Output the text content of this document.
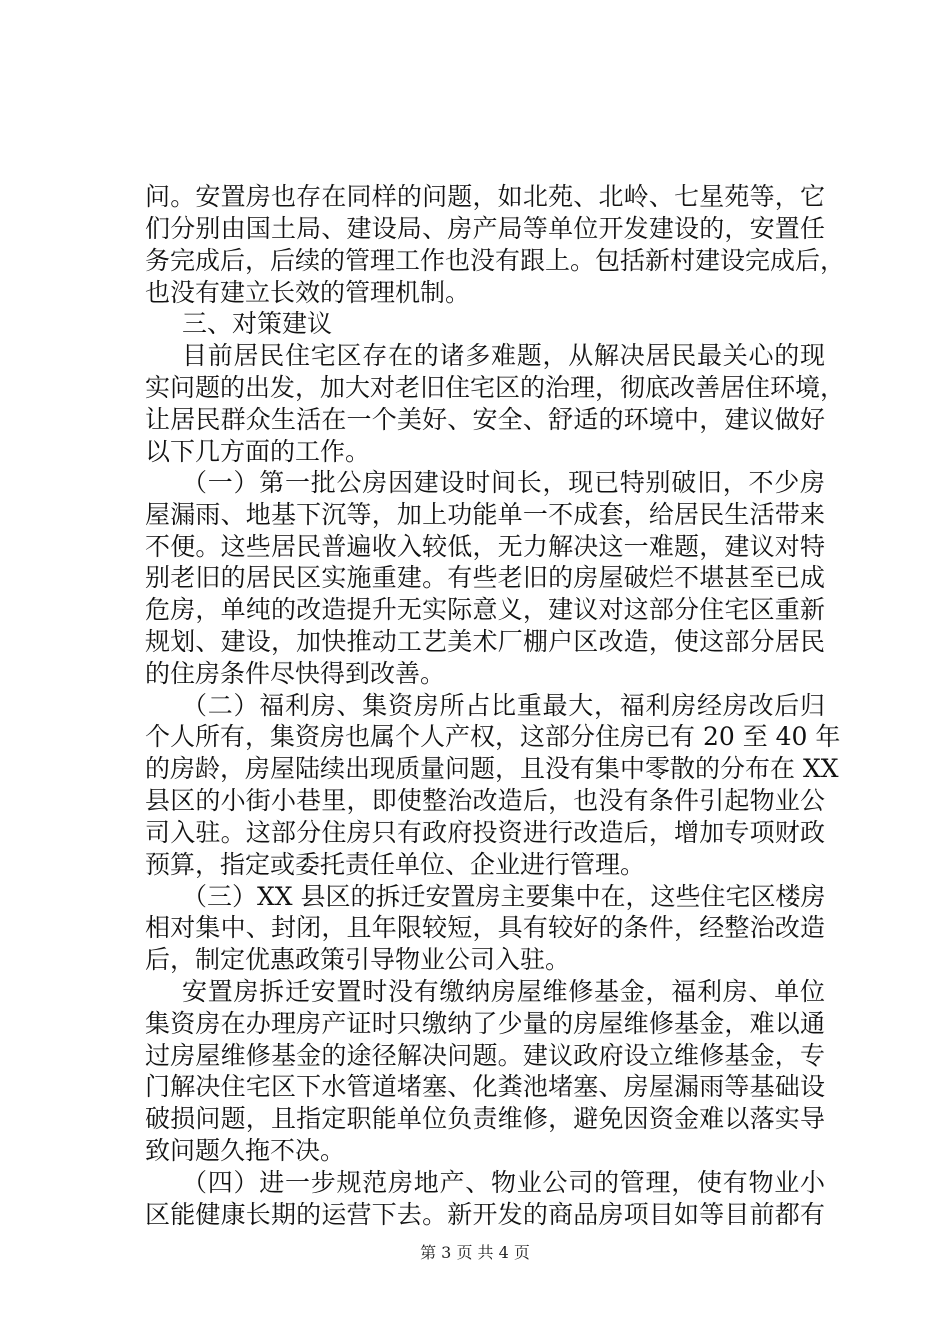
问。安置房也存在同样的问题，如北苑、北岭、七星苑等，它
们分别由国土局、建设局、房产局等单位开发建设的，安置任
务完成后，后续的管理工作也没有跟上。包括新村建设完成后，
也没有建立长效的管理机制。
三、对策建议
目前居民住宅区存在的诸多难题，从解决居民最关心的现
实问题的出发，加大对老旧住宅区的治理，彻底改善居住环境，
让居民群众生活在一个美好、安全、舒适的环境中，建议做好
以下几方面的工作。
（一）第一批公房因建设时间长，现已特别破旧，不少房
屋漏雨、地基下沉等，加上功能单一不成套，给居民生活带来
不便。这些居民普遍收入较低，无力解决这一难题，建议对特
别老旧的居民区实施重建。有些老旧的房屋破烂不堪甚至已成
危房，单纯的改造提升无实际意义，建议对这部分住宅区重新
规划、建设，加快推动工艺美术厂棚户区改造，使这部分居民
的住房条件尽快得到改善。
（二）福利房、集资房所占比重最大，福利房经房改后归
个人所有，集资房也属个人产权，这部分住房已有 20 至 40 年
的房龄，房屋陆续出现质量问题，且没有集中零散的分布在 XX
县区的小街小巷里，即使整治改造后，也没有条件引起物业公
司入驻。这部分住房只有政府投资进行改造后，增加专项财政
预算，指定或委托责任单位、企业进行管理。
（三）XX 县区的拆迁安置房主要集中在，这些住宅区楼房
相对集中、封闭，且年限较短，具有较好的条件，经整治改造
后，制定优惠政策引导物业公司入驻。
安置房拆迁安置时没有缴纳房屋维修基金，福利房、单位
集资房在办理房产证时只缴纳了少量的房屋维修基金，难以通
过房屋维修基金的途径解决问题。建议政府设立维修基金，专
门解决住宅区下水管道堵塞、化粪池堵塞、房屋漏雨等基础设
破损问题，且指定职能单位负责维修，避免因资金难以落实导
致问题久拖不决。
（四）进一步规范房地产、物业公司的管理，使有物业小
区能健康长期的运营下去。新开发的商品房项目如等目前都有
第 3 页 共 4 页
